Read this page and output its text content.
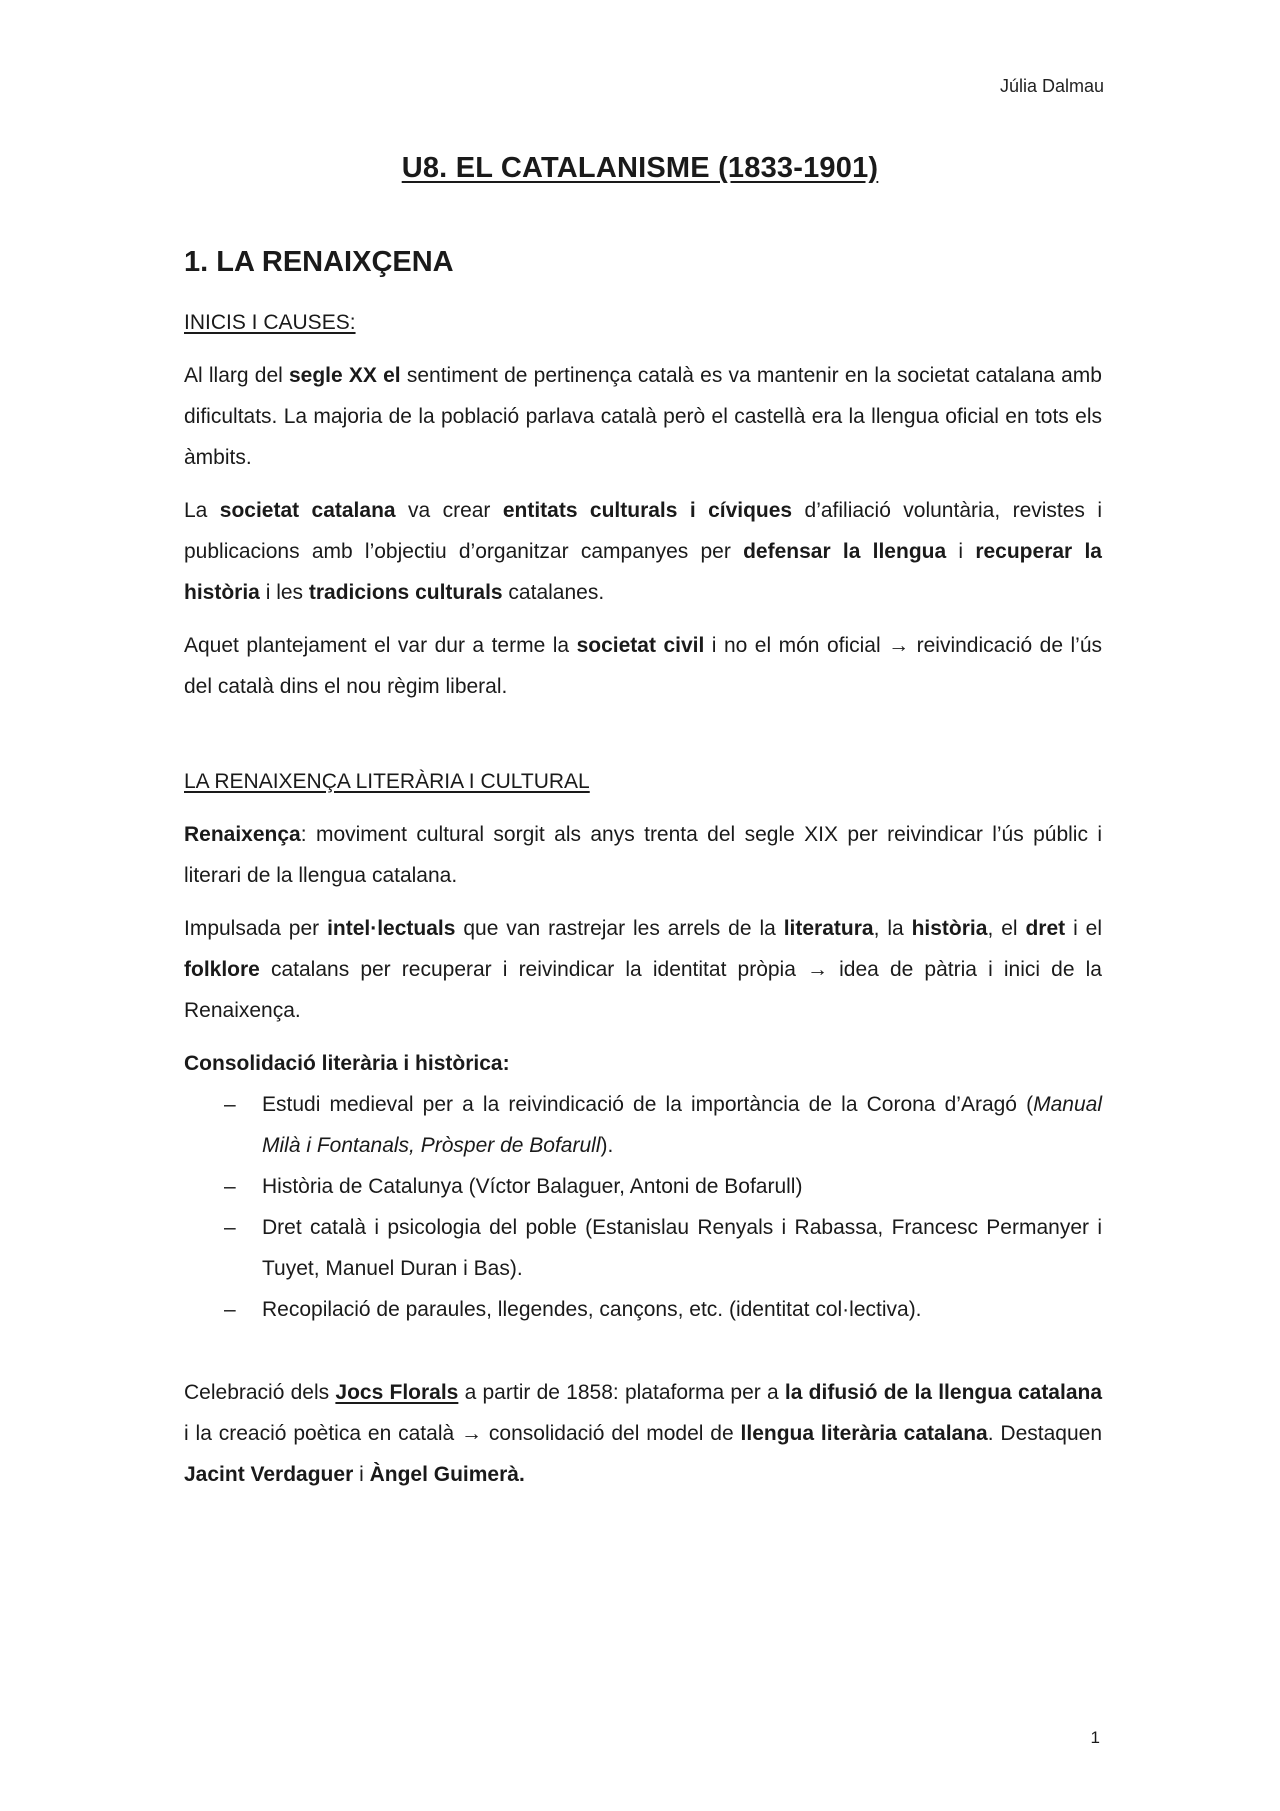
Júlia Dalmau
U8. EL CATALANISME (1833-1901)
1. LA RENAIXÇENA
INICIS I CAUSES:

Al llarg del segle XX el sentiment de pertinença català es va mantenir en la societat catalana amb dificultats. La majoria de la població parlava català però el castellà era la llengua oficial en tots els àmbits.

La societat catalana va crear entitats culturals i cíviques d’afiliació voluntària, revistes i publicacions amb l’objectiu d’organitzar campanyes per defensar la llengua i recuperar la història i les tradicions culturals catalanes.

Aquet plantejament el var dur a terme la societat civil i no el món oficial → reivindicació de l’ús del català dins el nou règim liberal.

LA RENAIXENÇA LITERÀRIA I CULTURAL

Renaixença: moviment cultural sorgit als anys trenta del segle XIX per reivindicar l’ús públic i literari de la llengua catalana.

Impulsada per intel·lectuals que van rastrejar les arrels de la literatura, la història, el dret i el folklore catalans per recuperar i reivindicar la identitat pròpia → idea de pàtria i inici de la Renaixença.

Consolidació literària i històrica:
– Estudi medieval per a la reivindicació de la importància de la Corona d’Aragó (Manual Milà i Fontanals, Pròsper de Bofarull).
– Història de Catalunya (Víctor Balaguer, Antoni de Bofarull)
– Dret català i psicologia del poble (Estanislau Renyals i Rabassa, Francesc Permanyer i Tuyet, Manuel Duran i Bas).
– Recopilació de paraules, llegendes, cançons, etc. (identitat col·lectiva).

Celebració dels Jocs Florals a partir de 1858: plataforma per a la difusió de la llengua catalana i la creació poètica en català → consolidació del model de llengua literària catalana. Destaquen Jacint Verdaguer i Àngel Guimerà.

1
